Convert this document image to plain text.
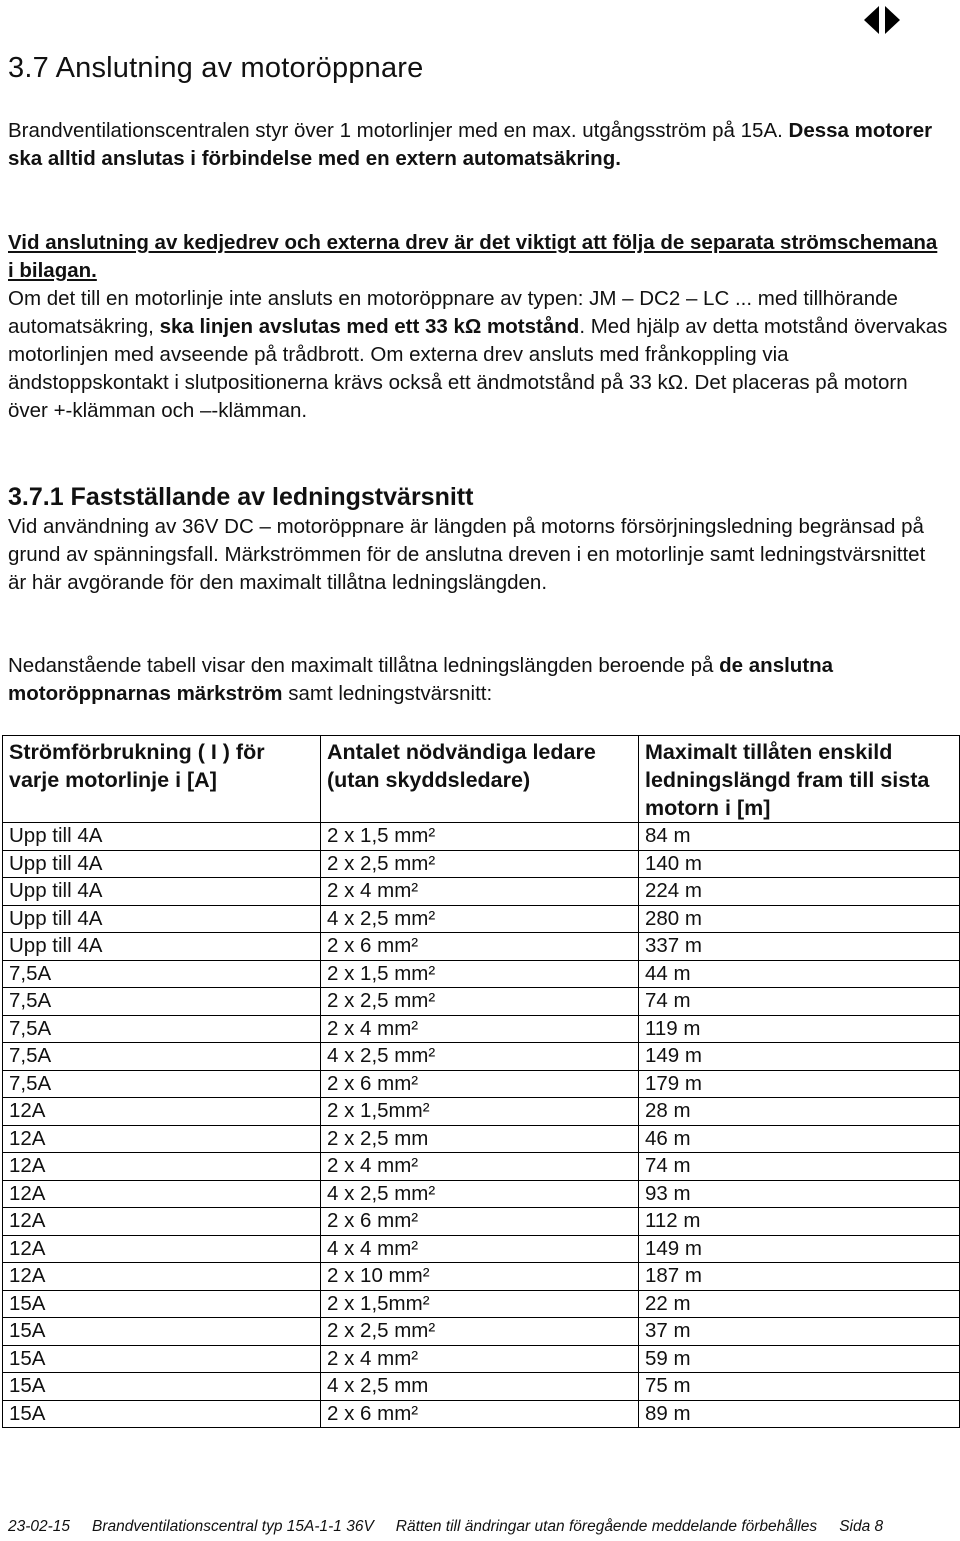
3.7 Anslutning av motoröppnare

Brandventilationscentralen styr över 1 motorlinjer med en max. utgångsström på 15A. Dessa motorer ska alltid anslutas i förbindelse med en extern automatsäkring.

Vid anslutning av kedjedrev och externa drev är det viktigt att följa de separata strömschemana i bilagan.
Om det till en motorlinje inte ansluts en motoröppnare av typen: JM – DC2 – LC ... med tillhörande automatsäkring, ska linjen avslutas med ett 33 kΩ motstånd. Med hjälp av detta motstånd övervakas motorlinjen med avseende på trådbrott. Om externa drev ansluts med frånkoppling via ändstoppskontakt i slutpositionerna krävs också ett ändmotstånd på 33 kΩ. Det placeras på motorn över +-klämman och –-klämman.

3.7.1 Fastställande av ledningstvärsnitt

Vid användning av 36V DC – motoröppnare är längden på motorns försörjningsledning begränsad på grund av spänningsfall. Märkströmmen för de anslutna dreven i en motorlinje samt ledningstvärsnittet är här avgörande för den maximalt tillåtna ledningslängden.

Nedanstående tabell visar den maximalt tillåtna ledningslängden beroende på de anslutna motoröppnarnas märkström samt ledningstvärsnitt:

Strömförbrukning ( I ) för varje motorlinje i [A]	Antalet nödvändiga ledare (utan skyddsledare)	Maximalt tillåten enskild ledningslängd fram till sista motorn i [m]
Upp till 4A	2 x 1,5 mm²	84 m
Upp till 4A	2 x 2,5 mm²	140 m
Upp till 4A	2 x 4 mm²	224 m
Upp till 4A	4 x 2,5 mm²	280 m
Upp till 4A	2 x 6 mm²	337 m
7,5A	2 x 1,5 mm²	44 m
7,5A	2 x 2,5 mm²	74 m
7,5A	2 x 4 mm²	119 m
7,5A	4 x 2,5 mm²	149 m
7,5A	2 x 6 mm²	179 m
12A	2 x 1,5mm²	28 m
12A	2 x 2,5 mm	46 m
12A	2 x 4 mm²	74 m
12A	4 x 2,5 mm²	93 m
12A	2 x 6 mm²	112 m
12A	4 x 4 mm²	149 m
12A	2 x 10 mm²	187 m
15A	2 x 1,5mm²	22 m
15A	2 x 2,5 mm²	37 m
15A	2 x 4 mm²	59 m
15A	4 x 2,5 mm	75 m
15A	2 x 6 mm²	89 m
23-02-15 Brandventilationscentral typ 15A-1-1 36V Rätten till ändringar utan föregående meddelande förbehålles Sida 8
